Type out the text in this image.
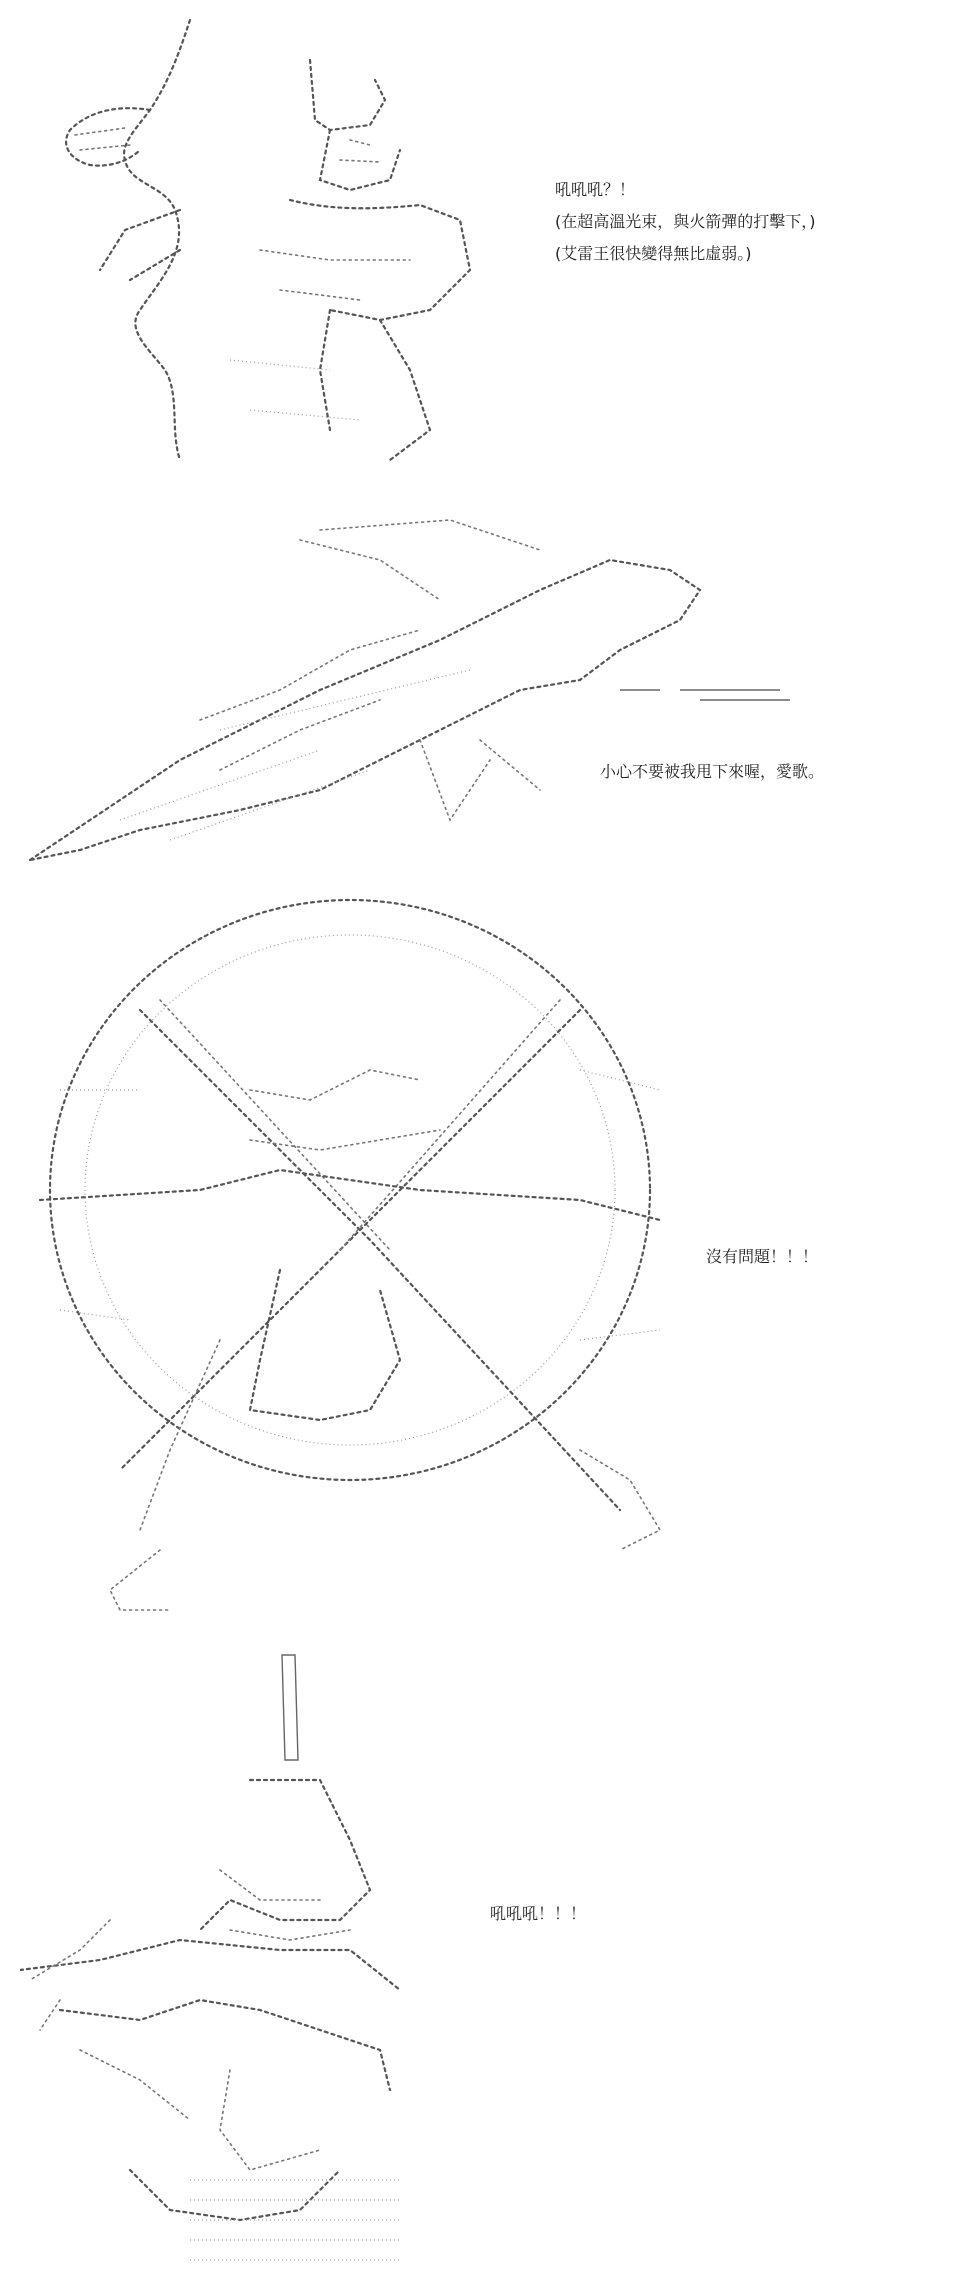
吼吼吼？！
(在超高溫光束，與火箭彈的打擊下，)
(艾雷王很快變得無比虛弱。)
小心不要被我甩下來喔，愛歌。
沒有問題！！！
吼吼吼！！！
